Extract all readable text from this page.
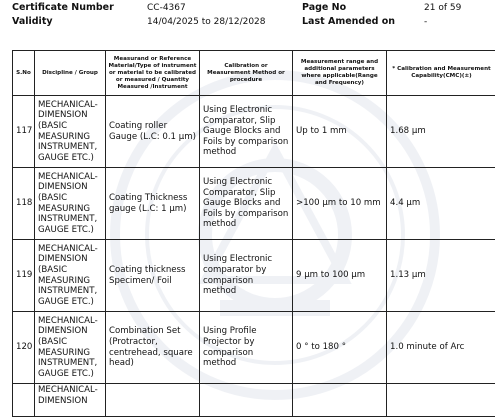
Certificate Number	CC-4367	Page No	21 of 59
Validity	14/04/2025 to 28/12/2028	Last Amended on	-
S.No	Discipline / Group	Measurand or Reference Material/Type of instrument or material to be calibrated or measured / Quantity Measured /Instrument	Calibration or Measurement Method or procedure	Measurement range and additional parameters where applicable(Range and Frequency)	* Calibration and Measurement Capability(CMC)(±)
117	MECHANICAL- DIMENSION (BASIC MEASURING INSTRUMENT, GAUGE ETC.)	Coating roller Gauge (L.C: 0.1 µm)	Using Electronic Comparator, Slip Gauge Blocks and Foils by comparison method	Up to 1 mm	1.68 µm
118	MECHANICAL- DIMENSION (BASIC MEASURING INSTRUMENT, GAUGE ETC.)	Coating Thickness gauge (L.C: 1 µm)	Using Electronic Comparator, Slip Gauge Blocks and Foils by comparison method	>100 µm to 10 mm	4.4 µm
119	MECHANICAL- DIMENSION (BASIC MEASURING INSTRUMENT, GAUGE ETC.)	Coating thickness Specimen/ Foil	Using Electronic comparator by comparison method	9 µm to 100 µm	1.13 µm
120	MECHANICAL- DIMENSION (BASIC MEASURING INSTRUMENT, GAUGE ETC.)	Combination Set (Protractor, centrehead, square head)	Using Profile Projector by comparison method	0 ° to 180 °	1.0 minute of Arc
	MECHANICAL- DIMENSION				
